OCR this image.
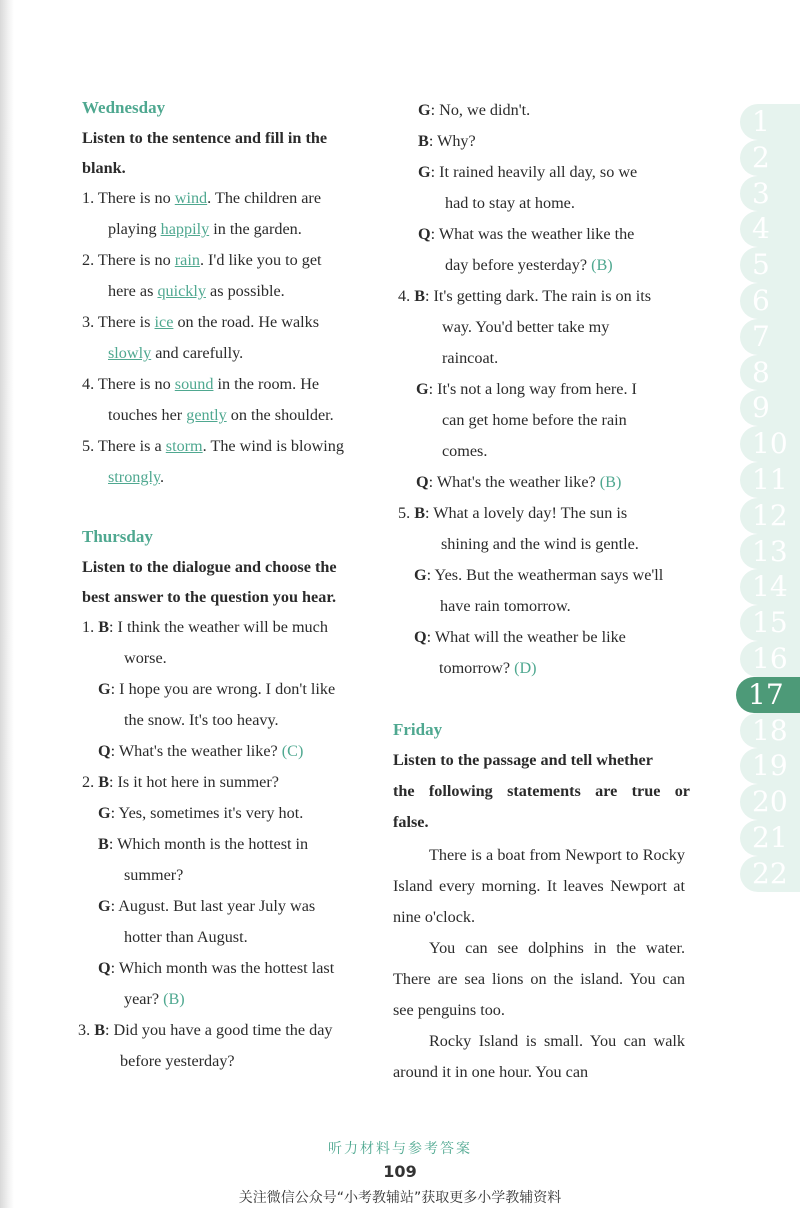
Wednesday
Listen to the sentence and fill in the
blank.
1. There is no wind. The children are
playing happily in the garden.
2. There is no rain. I'd like you to get
here as quickly as possible.
3. There is ice on the road. He walks
slowly and carefully.
4. There is no sound in the room. He
touches her gently on the shoulder.
5. There is a storm. The wind is blowing
strongly.
Thursday
Listen to the dialogue and choose the
best answer to the question you hear.
1. B: I think the weather will be much
worse.
G: I hope you are wrong. I don't like
the snow. It's too heavy.
Q: What's the weather like? (C)
2. B: Is it hot here in summer?
G: Yes, sometimes it's very hot.
B: Which month is the hottest in
summer?
G: August. But last year July was
hotter than August.
Q: Which month was the hottest last
year? (B)
3. B: Did you have a good time the day
before yesterday?
G: No, we didn't.
B: Why?
G: It rained heavily all day, so we
had to stay at home.
Q: What was the weather like the
day before yesterday? (B)
4. B: It's getting dark. The rain is on its
way. You'd better take my
raincoat.
G: It's not a long way from here. I
can get home before the rain
comes.
Q: What's the weather like? (B)
5. B: What a lovely day! The sun is
shining and the wind is gentle.
G: Yes. But the weatherman says we'll
have rain tomorrow.
Q: What will the weather be like
tomorrow? (D)
Friday
Listen to the passage and tell whether
the following statements are true or
false.

There is a boat from Newport to Rocky Island every morning. It leaves Newport at nine o'clock.

You can see dolphins in the water. There are sea lions on the island. You can see penguins too.

Rocky Island is small. You can walk around it in one hour. You can

1
2
3
4
5
6
7
8
9
10
11
12
13
14
15
16
17
18
19
20
21
22
听力材料与参考答案
109
关注微信公众号“小考教辅站”获取更多小学教辅资料
